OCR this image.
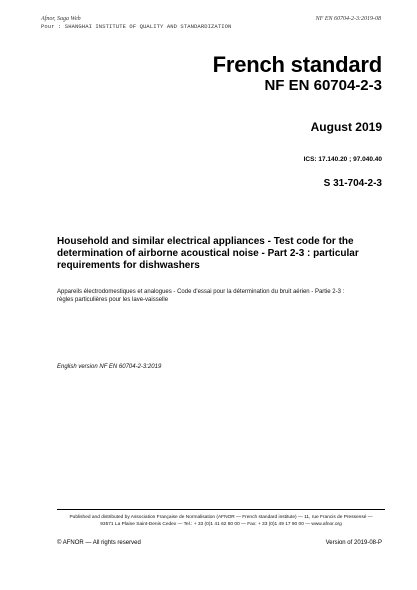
Afnor, Saga Web
Pour : SHANGHAI INSTITUTE OF QUALITY AND STANDARDIZATION
NF EN 60704-2-3:2019-08
French standard
NF EN 60704-2-3
August 2019
ICS: 17.140.20 ; 97.040.40
S 31-704-2-3
Household and similar electrical appliances - Test code for the
determination of airborne acoustical noise - Part 2-3 : particular
requirements for dishwashers
Appareils électrodomestiques et analogues - Code d'essai pour la détermination du bruit aérien - Partie 2-3 :
règles particulières pour les lave-vaisselle
English version NF EN 60704-2-3:2019
Published and distributed by Association Française de Normalisation (AFNOR — French standard institute) — 11, rue Francis de Pressensé —
93571 La Plaine Saint-Denis Cedex — Tel.: + 33 (0)1 41 62 80 00 — Fax: + 33 (0)1 49 17 90 00 — www.afnor.org
© AFNOR — All rights reserved	Version of 2019-08-P
